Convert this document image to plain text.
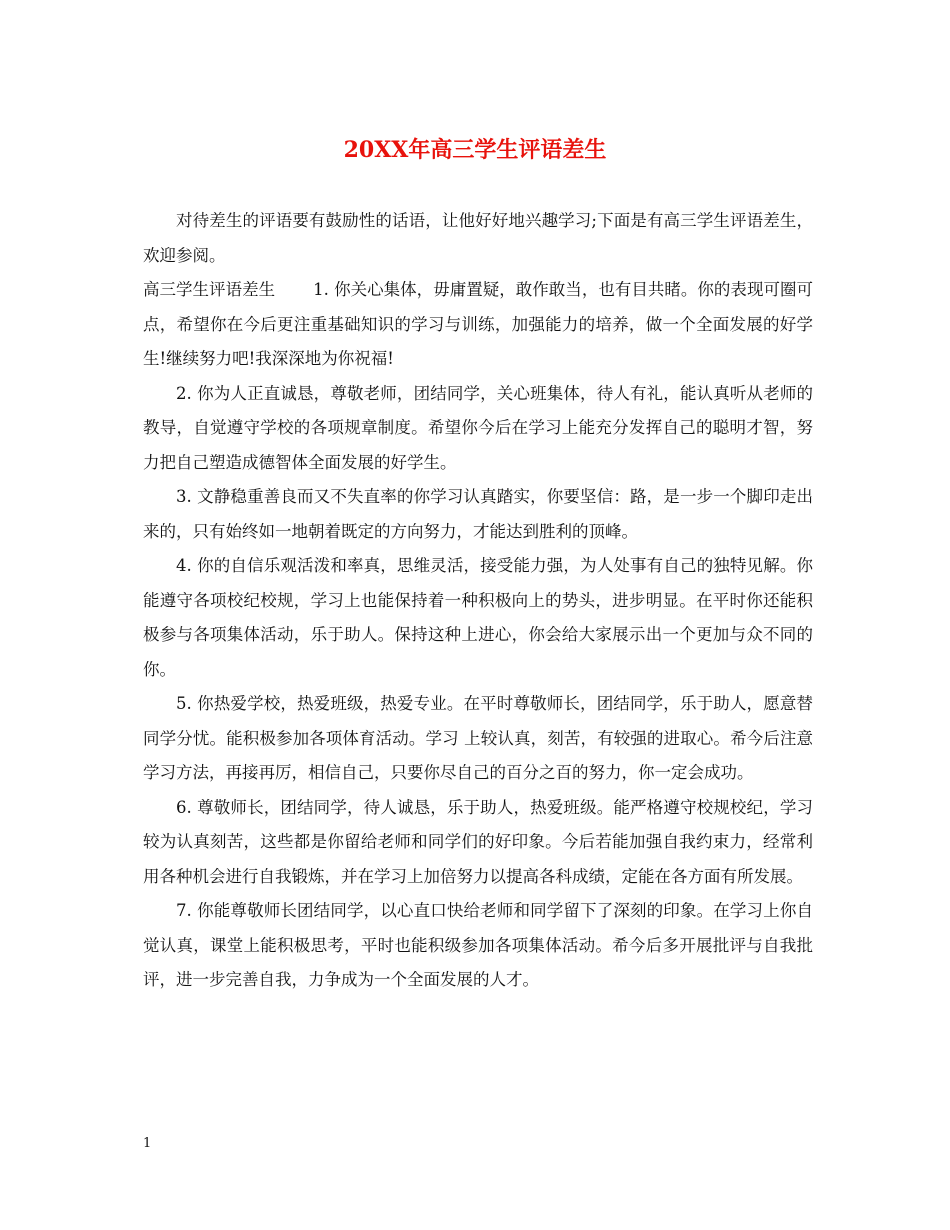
20XX年高三学生评语差生

对待差生的评语要有鼓励性的话语，让他好好地兴趣学习;下面是有高三学生评语差生，欢迎参阅。

高三学生评语差生 1. 你关心集体，毋庸置疑，敢作敢当，也有目共睹。你的表现可圈可点，希望你在今后更注重基础知识的学习与训练，加强能力的培养，做一个全面发展的好学生!继续努力吧!我深深地为你祝福!

2. 你为人正直诚恳，尊敬老师，团结同学，关心班集体，待人有礼，能认真听从老师的教导，自觉遵守学校的各项规章制度。希望你今后在学习上能充分发挥自己的聪明才智，努力把自己塑造成德智体全面发展的好学生。

3. 文静稳重善良而又不失直率的你学习认真踏实，你要坚信：路，是一步一个脚印走出来的，只有始终如一地朝着既定的方向努力，才能达到胜利的顶峰。

4. 你的自信乐观活泼和率真，思维灵活，接受能力强，为人处事有自己的独特见解。你能遵守各项校纪校规，学习上也能保持着一种积极向上的势头，进步明显。在平时你还能积极参与各项集体活动，乐于助人。保持这种上进心，你会给大家展示出一个更加与众不同的你。

5. 你热爱学校，热爱班级，热爱专业。在平时尊敬师长，团结同学，乐于助人，愿意替同学分忧。能积极参加各项体育活动。学习 上较认真，刻苦，有较强的进取心。希今后注意学习方法，再接再厉，相信自己，只要你尽自己的百分之百的努力，你一定会成功。

6. 尊敬师长，团结同学，待人诚恳，乐于助人，热爱班级。能严格遵守校规校纪，学习较为认真刻苦，这些都是你留给老师和同学们的好印象。今后若能加强自我约束力，经常利用各种机会进行自我锻炼，并在学习上加倍努力以提高各科成绩，定能在各方面有所发展。

7. 你能尊敬师长团结同学，以心直口快给老师和同学留下了深刻的印象。在学习上你自觉认真，课堂上能积极思考，平时也能积级参加各项集体活动。希今后多开展批评与自我批评，进一步完善自我，力争成为一个全面发展的人才。

1
